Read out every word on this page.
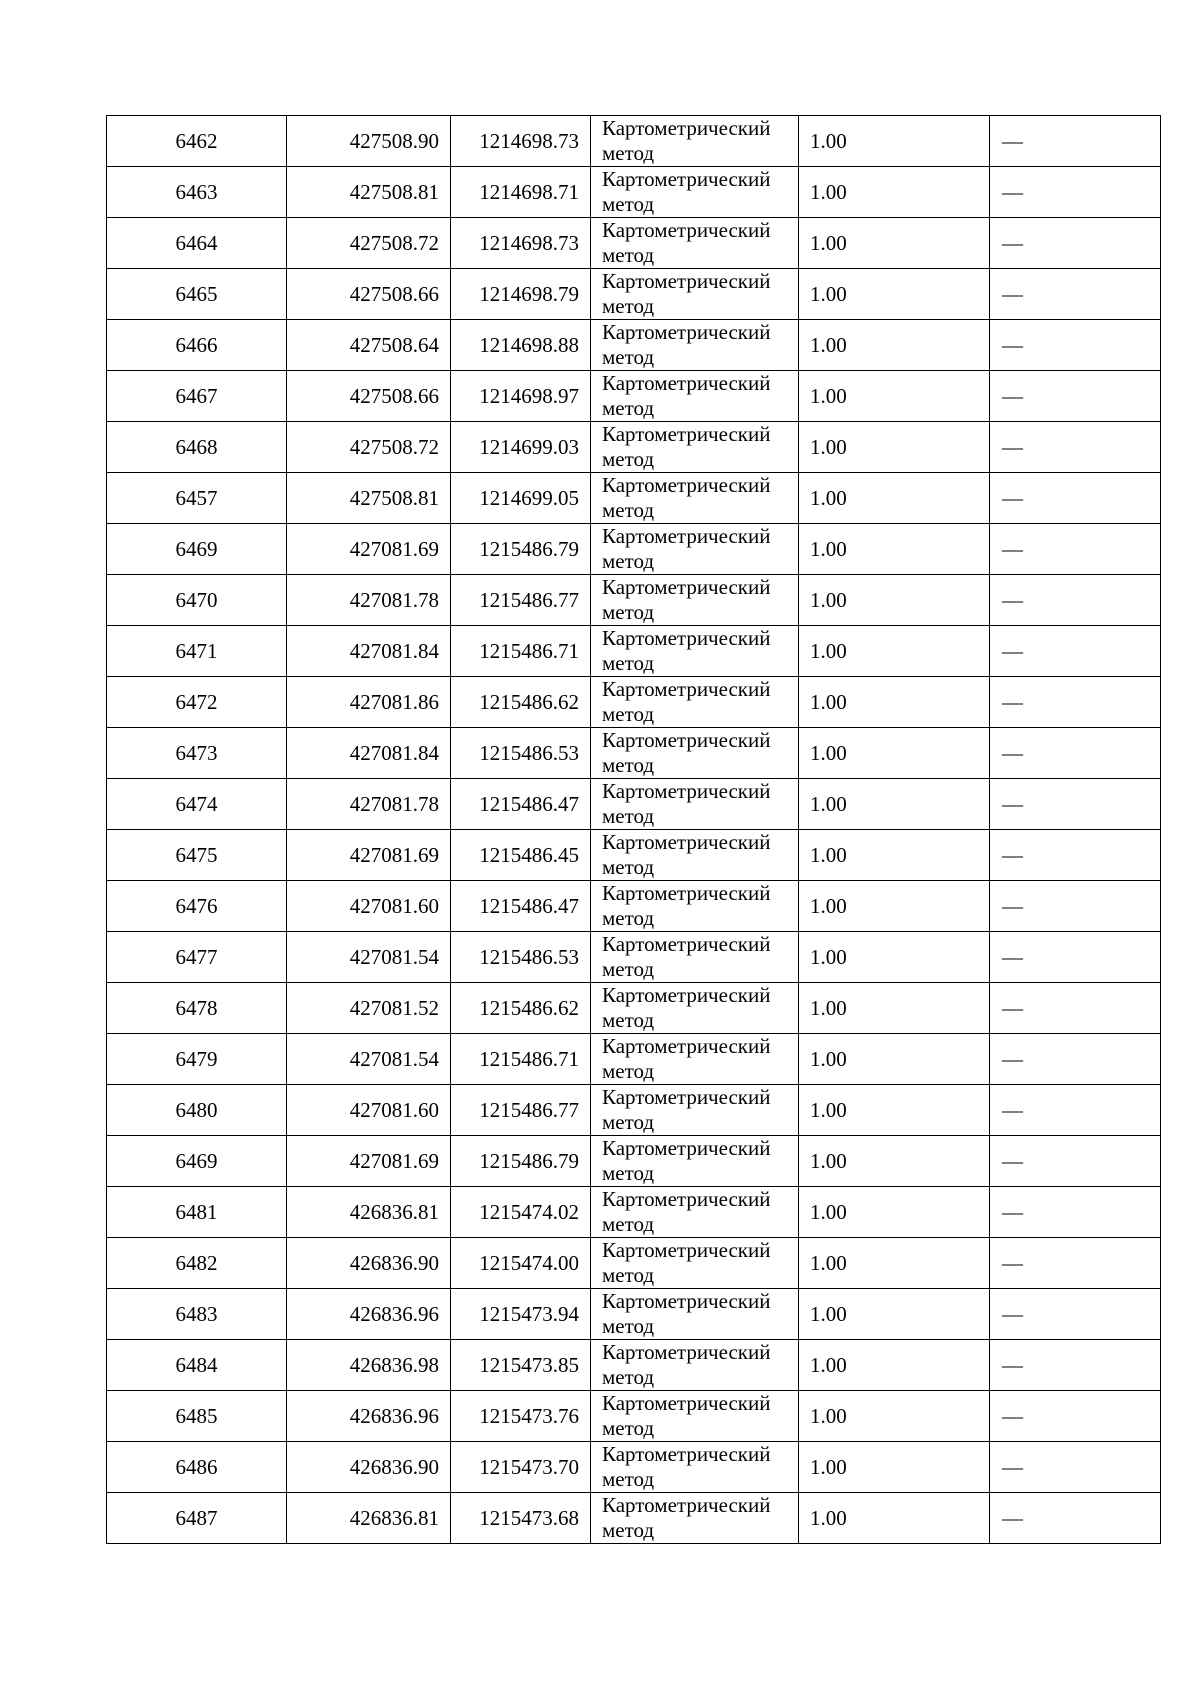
6462	427508.90	1214698.73	Картометрический
метод	1.00	—
6463	427508.81	1214698.71	Картометрический
метод	1.00	—
6464	427508.72	1214698.73	Картометрический
метод	1.00	—
6465	427508.66	1214698.79	Картометрический
метод	1.00	—
6466	427508.64	1214698.88	Картометрический
метод	1.00	—
6467	427508.66	1214698.97	Картометрический
метод	1.00	—
6468	427508.72	1214699.03	Картометрический
метод	1.00	—
6457	427508.81	1214699.05	Картометрический
метод	1.00	—
6469	427081.69	1215486.79	Картометрический
метод	1.00	—
6470	427081.78	1215486.77	Картометрический
метод	1.00	—
6471	427081.84	1215486.71	Картометрический
метод	1.00	—
6472	427081.86	1215486.62	Картометрический
метод	1.00	—
6473	427081.84	1215486.53	Картометрический
метод	1.00	—
6474	427081.78	1215486.47	Картометрический
метод	1.00	—
6475	427081.69	1215486.45	Картометрический
метод	1.00	—
6476	427081.60	1215486.47	Картометрический
метод	1.00	—
6477	427081.54	1215486.53	Картометрический
метод	1.00	—
6478	427081.52	1215486.62	Картометрический
метод	1.00	—
6479	427081.54	1215486.71	Картометрический
метод	1.00	—
6480	427081.60	1215486.77	Картометрический
метод	1.00	—
6469	427081.69	1215486.79	Картометрический
метод	1.00	—
6481	426836.81	1215474.02	Картометрический
метод	1.00	—
6482	426836.90	1215474.00	Картометрический
метод	1.00	—
6483	426836.96	1215473.94	Картометрический
метод	1.00	—
6484	426836.98	1215473.85	Картометрический
метод	1.00	—
6485	426836.96	1215473.76	Картометрический
метод	1.00	—
6486	426836.90	1215473.70	Картометрический
метод	1.00	—
6487	426836.81	1215473.68	Картометрический
метод	1.00	—
